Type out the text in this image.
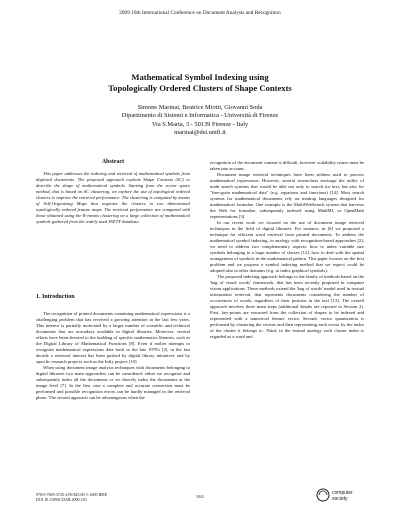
2009 10th International Conference on Document Analysis and Recognition
Mathematical Symbol Indexing using
Topologically Ordered Clusters of Shape Contexts
Simone Marinai, Beatrice Miotti, Giovanni Soda
Dipartimento di Sistemi e Informatica - Università di Firenze
Via S.Marta, 3 - 50139 Firenze - Italy
marinai@dsi.unifi.it
Abstract

This paper addresses the indexing and retrieval of mathematical symbols from digitized documents. The proposed approach exploits Shape Contexts (SC) to describe the shape of mathematical symbols. Starting from the vector space method, that is based on SC clustering, we explore the use of topological ordered clusters to improve the retrieval performance. The clustering is computed by means of Self-Organizing Maps that organize the clusters in two dimensional topologically ordered feature maps. The retrieval performance are compared with those obtained using the K-means clustering on a large collection of mathematical symbols gathered from the widely used INFTY database.

1. Introduction

The recognition of printed documents containing mathematical expressions is a challenging problem that has received a growing attention in the last few years. This interest is partially motivated by a larger number of scientific and technical documents that are nowadays available in digital libraries. Moreover, several efforts have been devoted to the building of specific mathematics libraries, such as the Digital Library of Mathematical Functions [8]. Even if earlier attempts to recognize mathematical expressions date back to the late 1970's [2], in the last decade a renewed interest has been pushed by digital library initiatives and by specific research projects such as the Infty project [10].

When using document image analysis techniques with documents belonging to digital libraries two main approaches can be considered: either we recognize and subsequently index all the documents or we directly index the documents at the image level [7]. In the first case a complete and accurate conversion must be performed and possible recognition errors can be hardly managed in the retrieval phase. The second approach can be advantageous when the

recognition of the document content is difficult, however scalability issues must be taken into account.

Document image retrieval techniques have been seldom used to process mathematical expressions. However, several researchers envisage the utility of math search systems that would be able not only to search for text, but also for "fine-grain mathematical data" (e.g. equations and functions) [14]. Most search systems for mathematical documents rely on markup languages designed for mathematical formulae. One example is the MathWebSearch system that harvests the Web for formulae, subsequently indexed using MathML or OpenMath representations [3].

In our recent work we focused on the use of document image retrieval techniques in the field of digital libraries. For instance, in [6] we proposed a technique for efficient word retrieval from printed documents. To address the mathematical symbol indexing, in analogy with recognition-based approaches [2], we need to address two complementary aspects: how to index variable size symbols belonging to a large number of classes [12]; how to deal with the spatial arrangement of symbols in the mathematical pattern. This paper focuses on the first problem and we propose a symbol indexing method that we expect could be adopted also in other domains (e.g. to index graphical symbols).

The proposed indexing approach belongs to the family of methods based on the 'bag of visual words' framework, that has been recently proposed in computer vision applications. These methods extend the 'bag of words' model used in textual information retrieval, that represents documents considering the number of occurrences of words, regardless of their position in the text [13]. The overall approach involves three main steps (additional details are reported in Section 2). First, key-points are extracted from the collection of shapes to be indexed and represented with a numerical feature vector. Second, vector quantization is performed by clustering the vectors and then representing each vector by the index of the cluster it belongs to. Third, in the textual analogy each cluster index is regarded as a word and

978-0-7695-3725-2/09 $25.00 © 2009 IEEE
DOI 10.1109/ICDAR.2009.120
1041
computer
society
